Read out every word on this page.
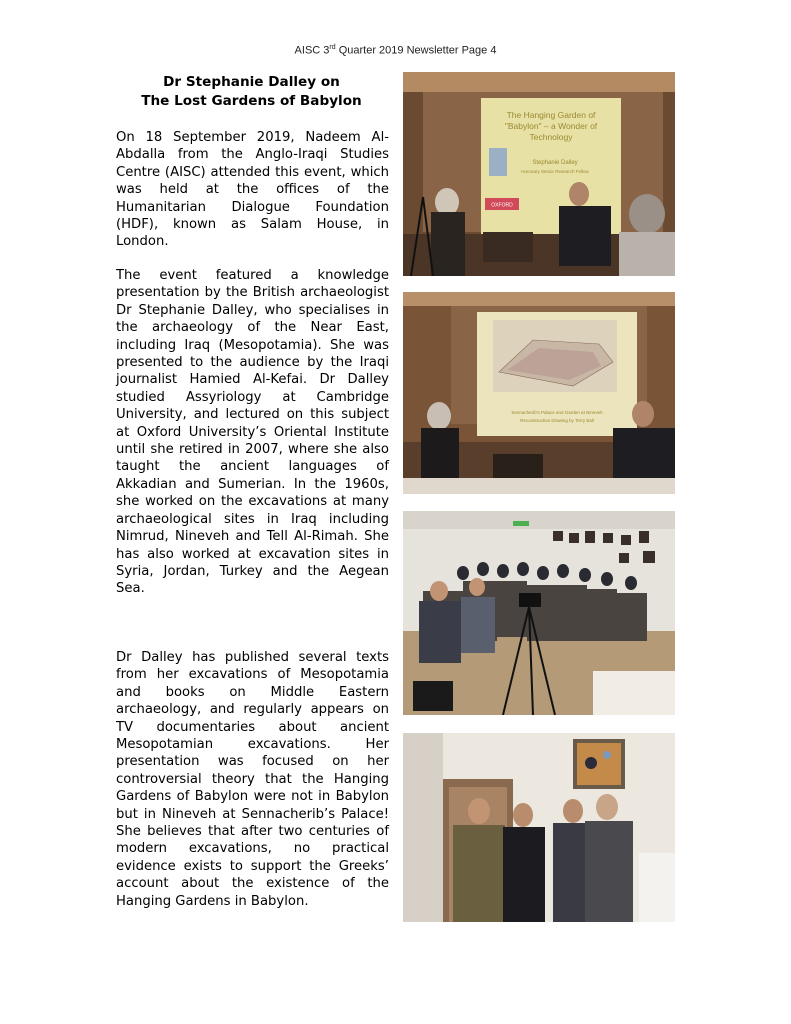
AISC 3rd Quarter 2019 Newsletter Page 4
Dr Stephanie Dalley on
The Lost Gardens of Babylon
On 18 September 2019, Nadeem Al-Abdalla from the Anglo-Iraqi Studies Centre (AISC) attended this event, which was held at the offices of the Humanitarian Dialogue Foundation (HDF), known as Salam House, in London.
The event featured a knowledge presentation by the British archaeologist Dr Stephanie Dalley, who specialises in the archaeology of the Near East, including Iraq (Mesopotamia). She was presented to the audience by the Iraqi journalist Hamied Al-Kefai. Dr Dalley studied Assyriology at Cambridge University, and lectured on this subject at Oxford University’s Oriental Institute until she retired in 2007, where she also taught the ancient languages of Akkadian and Sumerian. In the 1960s, she worked on the excavations at many archaeological sites in Iraq including Nimrud, Nineveh and Tell Al-Rimah. She has also worked at excavation sites in Syria, Jordan, Turkey and the Aegean Sea.
Dr Dalley has published several texts from her excavations of Mesopotamia and books on Middle Eastern archaeology, and regularly appears on TV documentaries about ancient Mesopotamian excavations. Her presentation was focused on her controversial theory that the Hanging Gardens of Babylon were not in Babylon but in Nineveh at Sennacherib’s Palace! She believes that after two centuries of modern excavations, no practical evidence exists to support the Greeks’ account about the existence of the Hanging Gardens in Babylon.
The Hanging Garden of
"Babylon" – a Wonder of
Technology
Stephanie Dalley
Honorary Senior Research Fellow
OXFORD
Sennacherib's Palace and Garden at Nineveh
Reconstruction Drawing by Terry Ball
